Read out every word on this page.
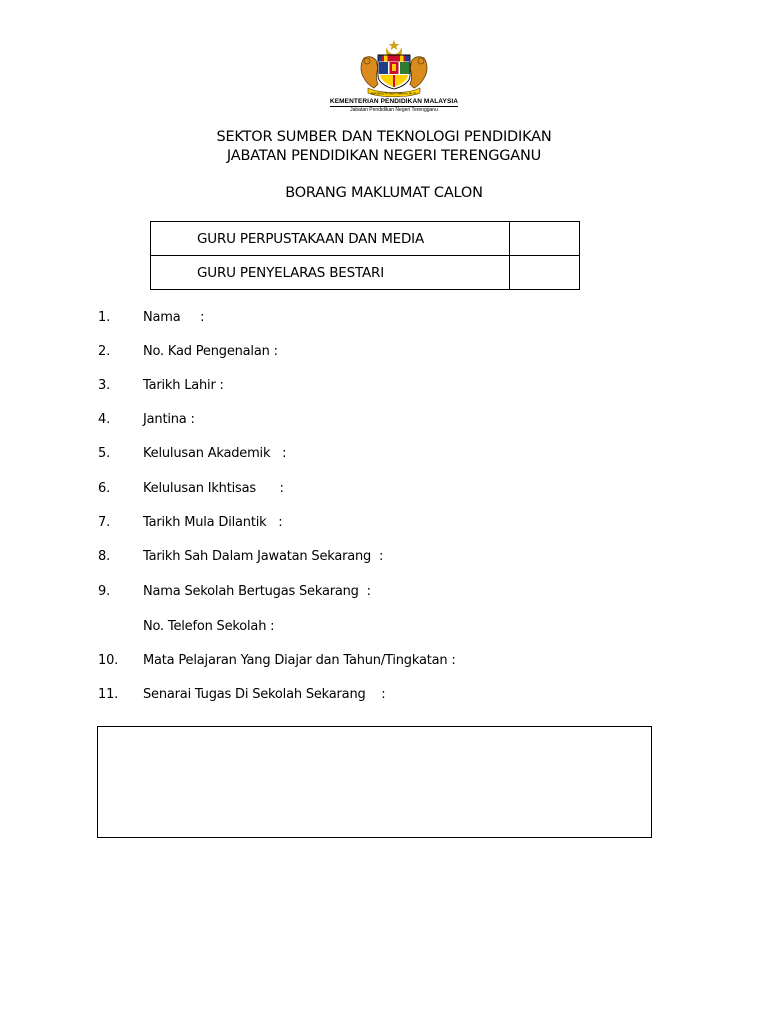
BERSEKUTU BERTAMBAH MUTU
KEMENTERIAN PENDIDIKAN MALAYSIA
Jabatan Pendidikan Negeri Terengganu
SEKTOR SUMBER DAN TEKNOLOGI PENDIDIKAN
JABATAN PENDIDIKAN NEGERI TERENGGANU
BORANG MAKLUMAT CALON
GURU PERPUSTAKAAN DAN MEDIA	
GURU PENYELARAS BESTARI	
1.	Nama     :
2.	No. Kad Pengenalan :
3.	Tarikh Lahir :
4.	Jantina :
5.	Kelulusan Akademik   :
6.	Kelulusan Ikhtisas      :
7.	Tarikh Mula Dilantik   :
8.	Tarikh Sah Dalam Jawatan Sekarang  :
9.	Nama Sekolah Bertugas Sekarang  :
No. Telefon Sekolah :
10. Mata Pelajaran Yang Diajar dan Tahun/Tingkatan :
11. Senarai Tugas Di Sekolah Sekarang    :
